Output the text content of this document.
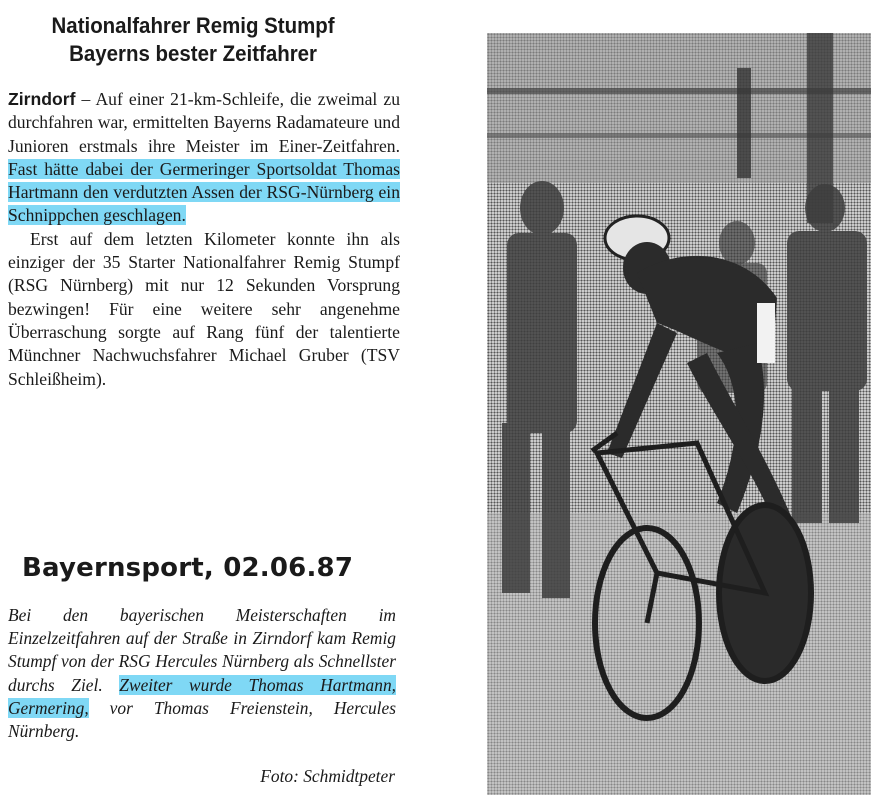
Nationalfahrer Remig Stumpf
Bayerns bester Zeitfahrer

Zirndorf – Auf einer 21-km-Schleife, die zweimal zu durchfahren war, ermittelten Bayerns Radamateure und Junioren erstmals ihre Meister im Einer-Zeitfahren. Fast hätte dabei der Germeringer Sportsoldat Thomas Hartmann den verdutzten Assen der RSG-Nürnberg ein Schnippchen geschlagen.

Erst auf dem letzten Kilometer konnte ihn als einziger der 35 Starter Nationalfahrer Remig Stumpf (RSG Nürnberg) mit nur 12 Sekunden Vorsprung bezwingen! Für eine weitere sehr angenehme Überraschung sorgte auf Rang fünf der talentierte Münchner Nachwuchsfahrer Michael Gruber (TSV Schleißheim).

Bayernsport, 02.06.87
Bei den bayerischen Meisterschaften im Einzelzeitfahren auf der Straße in Zirndorf kam Remig Stumpf von der RSG Hercules Nürnberg als Schnellster durchs Ziel. Zweiter wurde Thomas Hartmann, Germering, vor Thomas Freienstein, Hercules Nürnberg.
Foto: Schmidtpeter
